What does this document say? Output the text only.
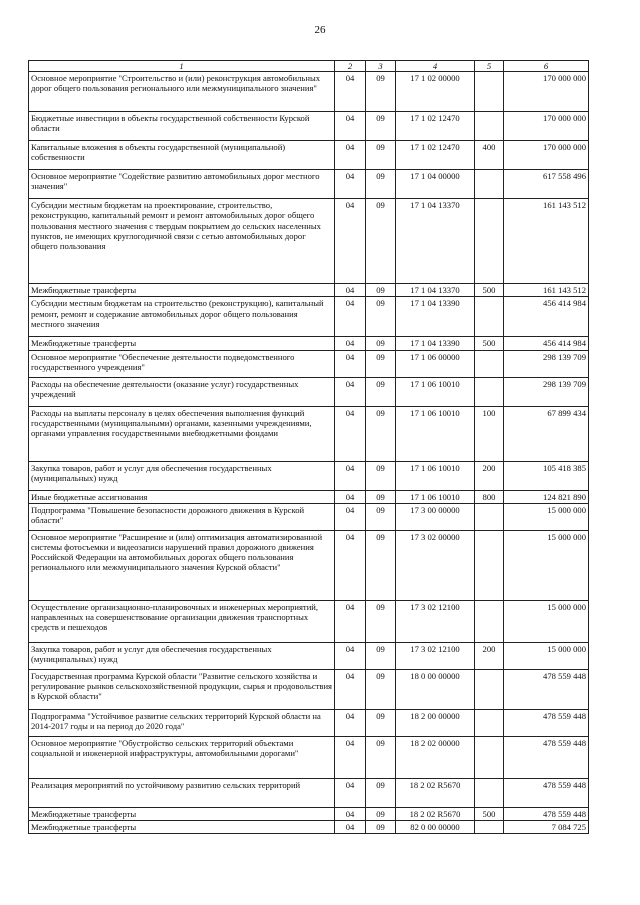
26
1	2	3	4	5	6
Основное мероприятие "Строительство и (или) реконструкция автомобильных дорог общего пользования регионального или межмуниципального значения"	04	09	17 1 02 00000		170 000 000
Бюджетные инвестиции в объекты государственной собственности Курской области	04	09	17 1 02 12470		170 000 000
Капитальные вложения в объекты государственной (муниципальной) собственности	04	09	17 1 02 12470	400	170 000 000
Основное мероприятие "Содействие развитию автомобильных дорог местного значения"	04	09	17 1 04 00000		617 558 496
Субсидии местным бюджетам на проектирование, строительство, реконструкцию, капитальный ремонт и ремонт автомобильных дорог общего пользования местного значения с твердым покрытием до сельских населенных пунктов, не имеющих круглогодичной связи с сетью автомобильных дорог общего пользования	04	09	17 1 04 13370		161 143 512
Межбюджетные трансферты	04	09	17 1 04 13370	500	161 143 512
Субсидии местным бюджетам на строительство (реконструкцию), капитальный ремонт, ремонт и содержание автомобильных дорог общего пользования местного значения	04	09	17 1 04 13390		456 414 984
Межбюджетные трансферты	04	09	17 1 04 13390	500	456 414 984
Основное мероприятие "Обеспечение деятельности подведомственного государственного учреждения"	04	09	17 1 06 00000		298 139 709
Расходы на обеспечение деятельности (оказание услуг) государственных учреждений	04	09	17 1 06 10010		298 139 709
Расходы на выплаты персоналу в целях обеспечения выполнения функций государственными (муниципальными) органами, казенными учреждениями, органами управления государственными внебюджетными фондами	04	09	17 1 06 10010	100	67 899 434
Закупка товаров, работ и услуг для обеспечения государственных (муниципальных) нужд	04	09	17 1 06 10010	200	105 418 385
Иные бюджетные ассигнования	04	09	17 1 06 10010	800	124 821 890
Подпрограмма "Повышение безопасности дорожного движения в Курской области"	04	09	17 3 00 00000		15 000 000
Основное мероприятие "Расширение и (или) оптимизация автоматизированной системы фотосъемки и видеозаписи нарушений правил дорожного движения Российской Федерации на автомобильных дорогах общего пользования регионального или межмуниципального значения Курской области"	04	09	17 3 02 00000		15 000 000
Осуществление организационно-планировочных и инженерных мероприятий, направленных на совершенствование организации движения транспортных средств и пешеходов	04	09	17 3 02 12100		15 000 000
Закупка товаров, работ и услуг для обеспечения государственных (муниципальных) нужд	04	09	17 3 02 12100	200	15 000 000
Государственная программа Курской области "Развитие сельского хозяйства и регулирование рынков сельскохозяйственной продукции, сырья и продовольствия в Курской области"	04	09	18 0 00 00000		478 559 448
Подпрограмма "Устойчивое развитие сельских территорий Курской области на 2014-2017 годы и на период до 2020 года"	04	09	18 2 00 00000		478 559 448
Основное мероприятие "Обустройство сельских территорий объектами социальной и инженерной инфраструктуры, автомобильными дорогами"	04	09	18 2 02 00000		478 559 448
Реализация мероприятий по устойчивому развитию сельских территорий	04	09	18 2 02 R5670		478 559 448
Межбюджетные трансферты	04	09	18 2 02 R5670	500	478 559 448
Межбюджетные трансферты	04	09	82 0 00 00000		7 084 725
